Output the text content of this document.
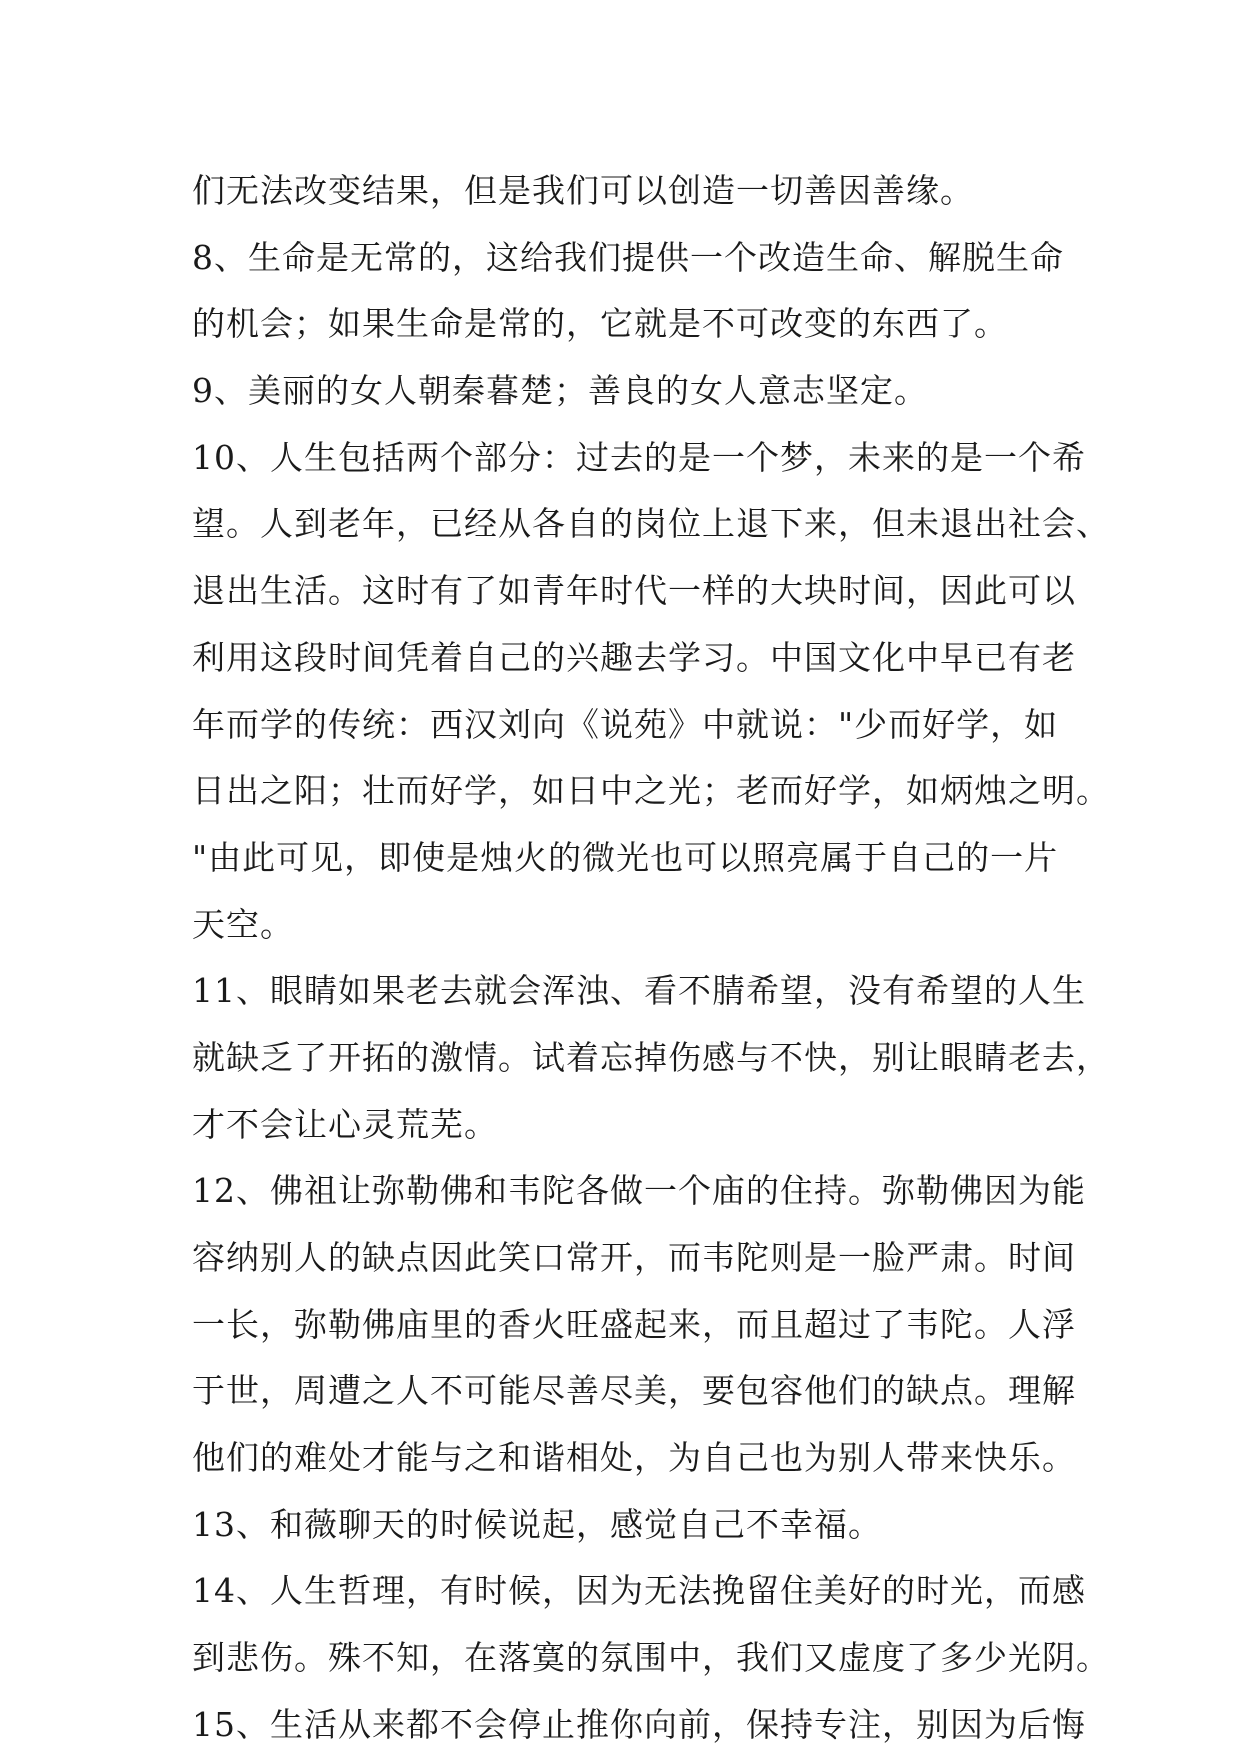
们无法改变结果，但是我们可以创造一切善因善缘。
8、生命是无常的，这给我们提供一个改造生命、解脱生命
的机会；如果生命是常的，它就是不可改变的东西了。
9、美丽的女人朝秦暮楚；善良的女人意志坚定。
10、人生包括两个部分：过去的是一个梦，未来的是一个希
望。人到老年，已经从各自的岗位上退下来，但未退出社会、
退出生活。这时有了如青年时代一样的大块时间，因此可以
利用这段时间凭着自己的兴趣去学习。中国文化中早已有老
年而学的传统：西汉刘向《说苑》中就说："少而好学，如
日出之阳；壮而好学，如日中之光；老而好学，如炳烛之明。
"由此可见，即使是烛火的微光也可以照亮属于自己的一片
天空。
11、眼睛如果老去就会浑浊、看不腈希望，没有希望的人生
就缺乏了开拓的激情。试着忘掉伤感与不快，别让眼睛老去，
才不会让心灵荒芜。
12、佛祖让弥勒佛和韦陀各做一个庙的住持。弥勒佛因为能
容纳别人的缺点因此笑口常开，而韦陀则是一脸严肃。时间
一长，弥勒佛庙里的香火旺盛起来，而且超过了韦陀。人浮
于世，周遭之人不可能尽善尽美，要包容他们的缺点。理解
他们的难处才能与之和谐相处，为自己也为别人带来快乐。
13、和薇聊天的时候说起，感觉自己不幸福。
14、人生哲理，有时候，因为无法挽留住美好的时光，而感
到悲伤。殊不知，在落寞的氛围中，我们又虚度了多少光阴。
15、生活从来都不会停止推你向前，保持专注，别因为后悔
